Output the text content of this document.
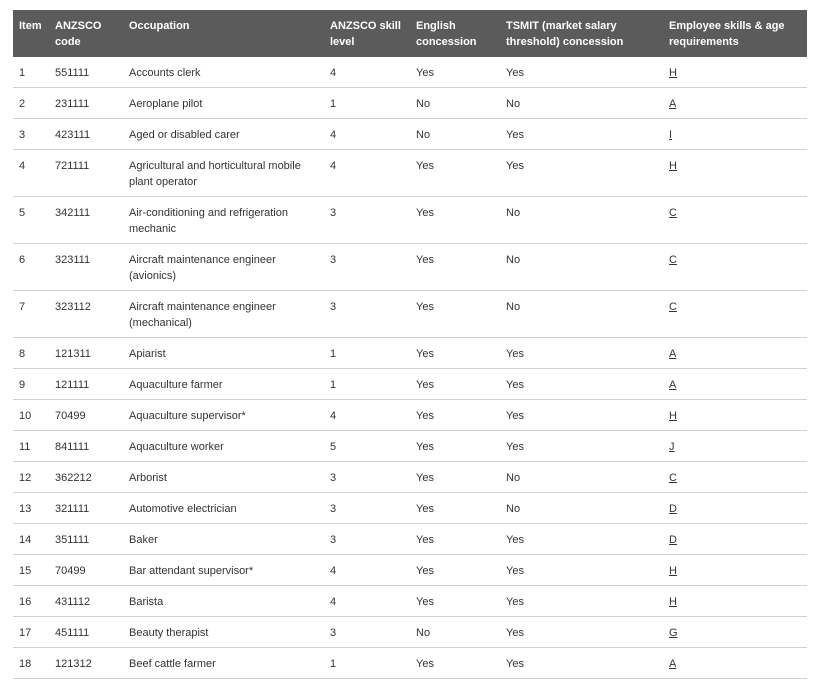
Item	ANZSCO code	Occupation	ANZSCO skill level	English concession	TSMIT (market salary threshold) concession	Employee skills & age requirements
1	551111	Accounts clerk	4	Yes	Yes	H
2	231111	Aeroplane pilot	1	No	No	A
3	423111	Aged or disabled carer	4	No	Yes	I
4	721111	Agricultural and horticultural mobile plant operator	4	Yes	Yes	H
5	342111	Air-conditioning and refrigeration mechanic	3	Yes	No	C
6	323111	Aircraft maintenance engineer (avionics)	3	Yes	No	C
7	323112	Aircraft maintenance engineer (mechanical)	3	Yes	No	C
8	121311	Apiarist	1	Yes	Yes	A
9	121111	Aquaculture farmer	1	Yes	Yes	A
10	70499	Aquaculture supervisor*	4	Yes	Yes	H
11	841111	Aquaculture worker	5	Yes	Yes	J
12	362212	Arborist	3	Yes	No	C
13	321111	Automotive electrician	3	Yes	No	D
14	351111	Baker	3	Yes	Yes	D
15	70499	Bar attendant supervisor*	4	Yes	Yes	H
16	431112	Barista	4	Yes	Yes	H
17	451111	Beauty therapist	3	No	Yes	G
18	121312	Beef cattle farmer	1	Yes	Yes	A
